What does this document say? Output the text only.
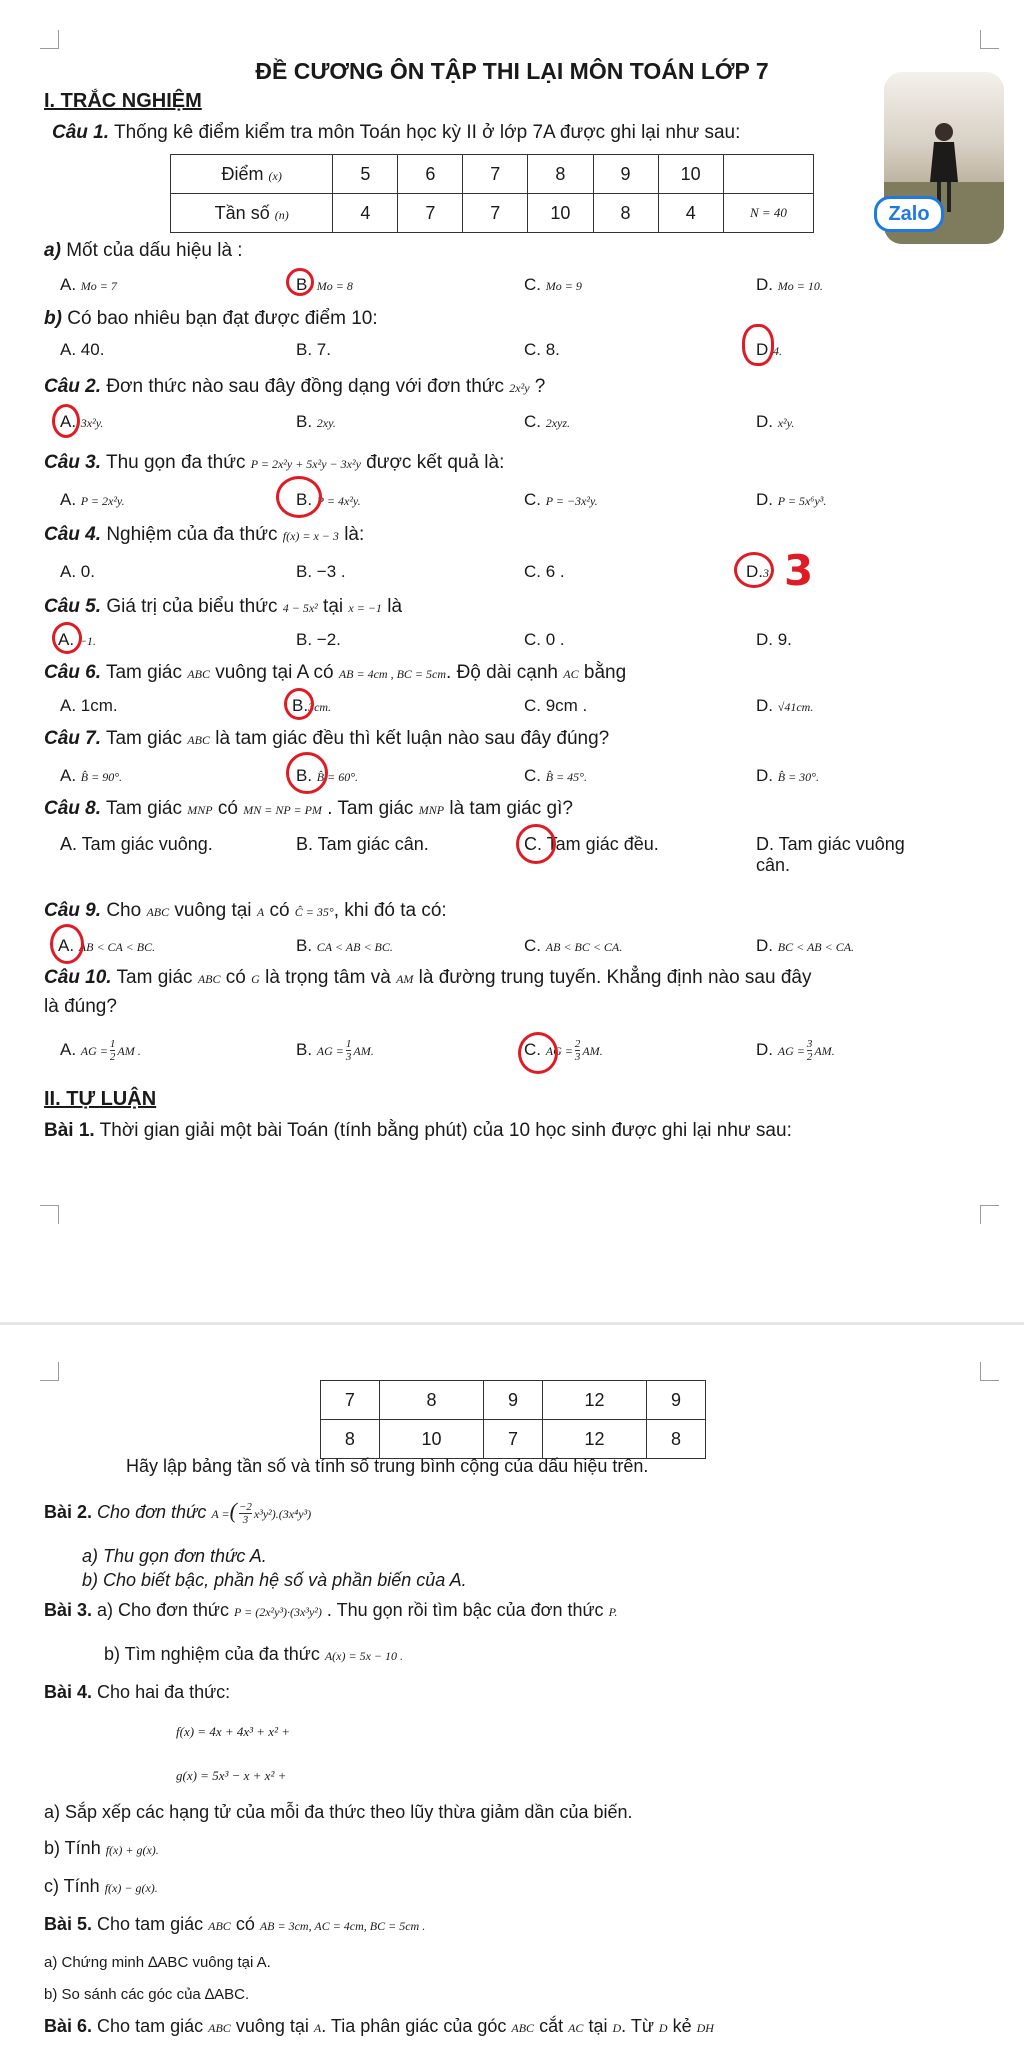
Zalo
ĐỀ CƯƠNG ÔN TẬP THI LẠI MÔN TOÁN LỚP 7
I. TRẮC NGHIỆM
Câu 1. Thống kê điểm kiểm tra môn Toán học kỳ II ở lớp 7A được ghi lại như sau:
Điểm (x)	5	6	7	8	9	10	
Tần số (n)	4	7	7	10	8	4	N = 40
a) Mốt của dấu hiệu là :
A. Mo = 7	B. Mo = 8	C. Mo = 9	D. Mo = 10.
b) Có bao nhiêu bạn đạt được điểm 10:
A. 40.	B. 7.	C. 8.	D.4.
Câu 2. Đơn thức nào sau đây đồng dạng với đơn thức 2x²y ?
A. 3x²y.	B. 2xy.	C. 2xyz.	D. x²y.
Câu 3. Thu gọn đa thức P = 2x²y + 5x²y − 3x²y được kết quả là:
A. P = 2x²y.	B. P = 4x²y.	C. P = −3x²y.	D. P = 5x⁶y³.
Câu 4. Nghiệm của đa thức f(x) = x − 3 là:
A. 0.	B. −3 .	C. 6 .	D.3. 3
Câu 5. Giá trị của biểu thức 4 − 5x² tại x = −1 là
A. −1.	B. −2.	C. 0 .	D. 9.
Câu 6. Tam giác ABC vuông tại A có AB = 4cm , BC = 5cm. Độ dài cạnh AC bằng
A. 1cm.	B.3cm.	C. 9cm .	D. √41cm.
Câu 7. Tam giác ABC là tam giác đều thì kết luận nào sau đây đúng?
A. B̂ = 90°.	B. B̂ = 60°.	C. B̂ = 45°.	D. B̂ = 30°.
Câu 8. Tam giác MNP có MN = NP = PM . Tam giác MNP là tam giác gì?
A. Tam giác vuông.	B. Tam giác cân.	C. Tam giác đều.	D. Tam giác vuông
cân.
Câu 9. Cho ABC vuông tại A có Ĉ = 35°, khi đó ta có:
A. AB < CA < BC.	B. CA < AB < BC.	C. AB < BC < CA.	D. BC < AB < CA.
Câu 10. Tam giác ABC có G là trọng tâm và AM là đường trung tuyến. Khẳng định nào sau đây
là đúng?
A. AG = $\frac{1}{2}$ AM .	B. AG = $\frac{1}{3}$ AM.	C. AG = $\frac{2}{3}$ AM.	D. AG = $\frac{3}{2}$ AM.
II. TỰ LUẬN
Bài 1. Thời gian giải một bài Toán (tính bằng phút) của 10 học sinh được ghi lại như sau:
7	8	9	12	9
8	10	7	12	8
Hãy lập bảng tần số và tính số trung bình cộng của dấu hiệu trên.
Bài 2. Cho đơn thức A =( $\frac{-2}{3} x^3y^2).(3x^4y^3)$
a) Thu gọn đơn thức A.
b) Cho biết bậc, phần hệ số và phần biến của A.
Bài 3. a) Cho đơn thức P = (2x²y³)·(3x³y²) . Thu gọn rồi tìm bậc của đơn thức P.
b) Tìm nghiệm của đa thức A(x) = 5x − 10 .
Bài 4. Cho hai đa thức:
f(x) = 4x + 4x³ + x² +
g(x) = 5x³ − x + x² +
a) Sắp xếp các hạng tử của mỗi đa thức theo lũy thừa giảm dần của biến.
b) Tính f(x) + g(x).
c) Tính f(x) − g(x).
Bài 5. Cho tam giác ABC có AB = 3cm, AC = 4cm, BC = 5cm .
a) Chứng minh ∆ABC vuông tại A.
b) So sánh các góc của ∆ABC.
Bài 6. Cho tam giác ABC vuông tại A. Tia phân giác của góc ABC cắt AC tại D. Từ D kẻ DH
